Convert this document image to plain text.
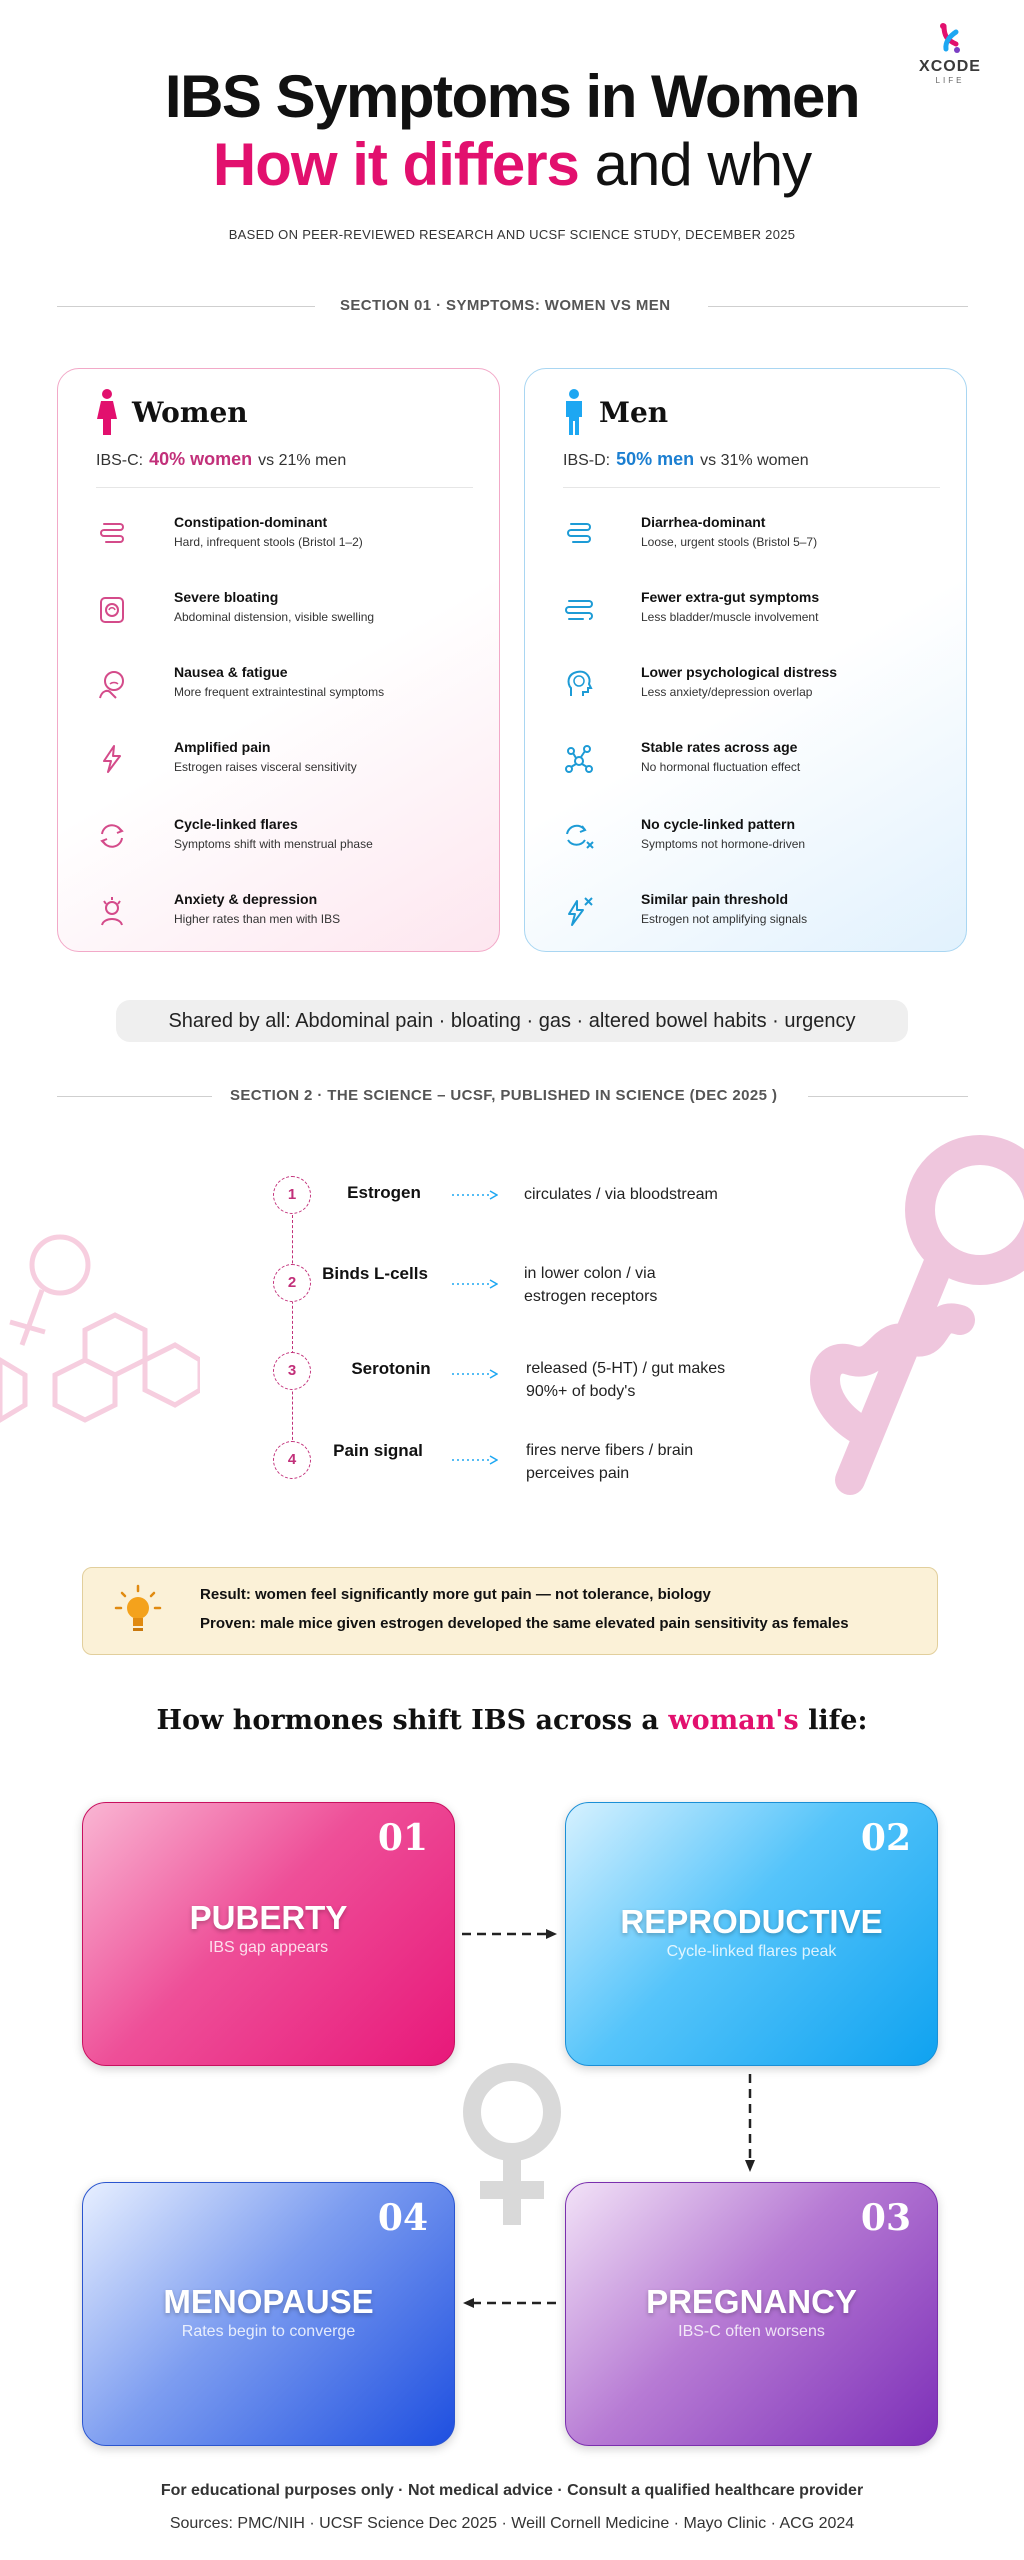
XCODE
LIFE
IBS Symptoms in Women
How it differs and why
BASED ON PEER-REVIEWED RESEARCH AND UCSF SCIENCE STUDY, DECEMBER 2025
SECTION 01 · SYMPTOMS: WOMEN VS MEN
Women
IBS-C: 40% women vs 21% men
Constipation-dominant
Hard, infrequent stools (Bristol 1–2)
Severe bloating
Abdominal distension, visible swelling
Nausea & fatigue
More frequent extraintestinal symptoms
Amplified pain
Estrogen raises visceral sensitivity
Cycle-linked flares
Symptoms shift with menstrual phase
Anxiety & depression
Higher rates than men with IBS
Men
IBS-D: 50% men vs 31% women
Diarrhea-dominant
Loose, urgent stools (Bristol 5–7)
Fewer extra-gut symptoms
Less bladder/muscle involvement
Lower psychological distress
Less anxiety/depression overlap
Stable rates across age
No hormonal fluctuation effect
No cycle-linked pattern
Symptoms not hormone-driven
Similar pain threshold
Estrogen not amplifying signals
Shared by all: Abdominal pain · bloating · gas · altered bowel habits · urgency
SECTION 2 · THE SCIENCE – UCSF, PUBLISHED IN SCIENCE (DEC 2025 )
1	Estrogen	circulates / via bloodstream
2	Binds L-cells	in lower colon / via estrogen receptors
3	Serotonin	released (5-HT) / gut makes 90%+ of body's
4	Pain signal	fires nerve fibers / brain perceives pain
Result: women feel significantly more gut pain — not tolerance, biology
Proven: male mice given estrogen developed the same elevated pain sensitivity as females
How hormones shift IBS across a woman's life:
01
PUBERTY
IBS gap appears
02
REPRODUCTIVE
Cycle-linked flares peak
03
PREGNANCY
IBS-C often worsens
04
MENOPAUSE
Rates begin to converge
For educational purposes only · Not medical advice · Consult a qualified healthcare provider
Sources: PMC/NIH · UCSF Science Dec 2025 · Weill Cornell Medicine · Mayo Clinic · ACG 2024
